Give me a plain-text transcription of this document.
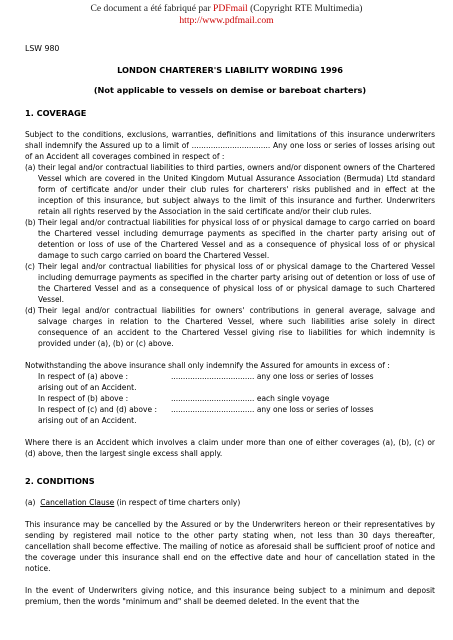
Ce document a été fabriqué par PDFmail (Copyright RTE Multimedia)
http://www.pdfmail.com

LSW 980

LONDON CHARTERER'S LIABILITY WORDING 1996

(Not applicable to vessels on demise or bareboat charters)

1. COVERAGE

Subject to the conditions, exclusions, warranties, definitions and limitations of this insurance underwriters shall indemnify the Assured up to a limit of ................................. Any one loss or series of losses arising out of an Accident all coverages combined in respect of :

(a) their legal and/or contractual liabilities to third parties, owners and/or disponent owners of the Chartered Vessel which are covered in the United Kingdom Mutual Assurance Association (Bermuda) Ltd standard form of certificate and/or under their club rules for charterers' risks published and in effect at the inception of this insurance, but subject always to the limit of this insurance and further. Underwriters retain all rights reserved by the Association in the said certificate and/or their club rules.
(b) Their legal and/or contractual liabilities for physical loss of or physical damage to cargo carried on board the Chartered vessel including demurrage payments as specified in the charter party arising out of detention or loss of use of the Chartered Vessel and as a consequence of physical loss of or physical damage to such cargo carried on board the Chartered Vessel.
(c) Their legal and/or contractual liabilities for physical loss of or physical damage to the Chartered Vessel including demurrage payments as specified in the charter party arising out of detention or loss of use of the Chartered Vessel and as a consequence of physical loss of or physical damage to such Chartered Vessel.
(d) Their legal and/or contractual liabilities for owners' contributions in general average, salvage and salvage charges in relation to the Chartered Vessel, where such liabilities arise solely in direct consequence of an accident to the Chartered Vessel giving rise to liabilities for which indemnity is provided under (a), (b) or (c) above.

Notwithstanding the above insurance shall only indemnify the Assured for amounts in excess of :

In respect of (a) above :	................................... any one loss or series of losses
arising out of an Accident.
In respect of (b) above :	................................... each single voyage
In respect of (c) and (d) above :	................................... any one loss or series of losses
arising out of an Accident.

Where there is an Accident which involves a claim under more than one of either coverages (a), (b), (c) or (d) above, then the largest single excess shall apply.

2. CONDITIONS

(a) Cancellation Clause (in respect of time charters only)

This insurance may be cancelled by the Assured or by the Underwriters hereon or their representatives by sending by registered mail notice to the other party stating when, not less than 30 days thereafter, cancellation shall become effective. The mailing of notice as aforesaid shall be sufficient proof of notice and the coverage under this insurance shall end on the effective date and hour of cancellation stated in the notice.

In the event of Underwriters giving notice, and this insurance being subject to a minimum and deposit premium, then the words "minimum and" shall be deemed deleted. In the event that the
